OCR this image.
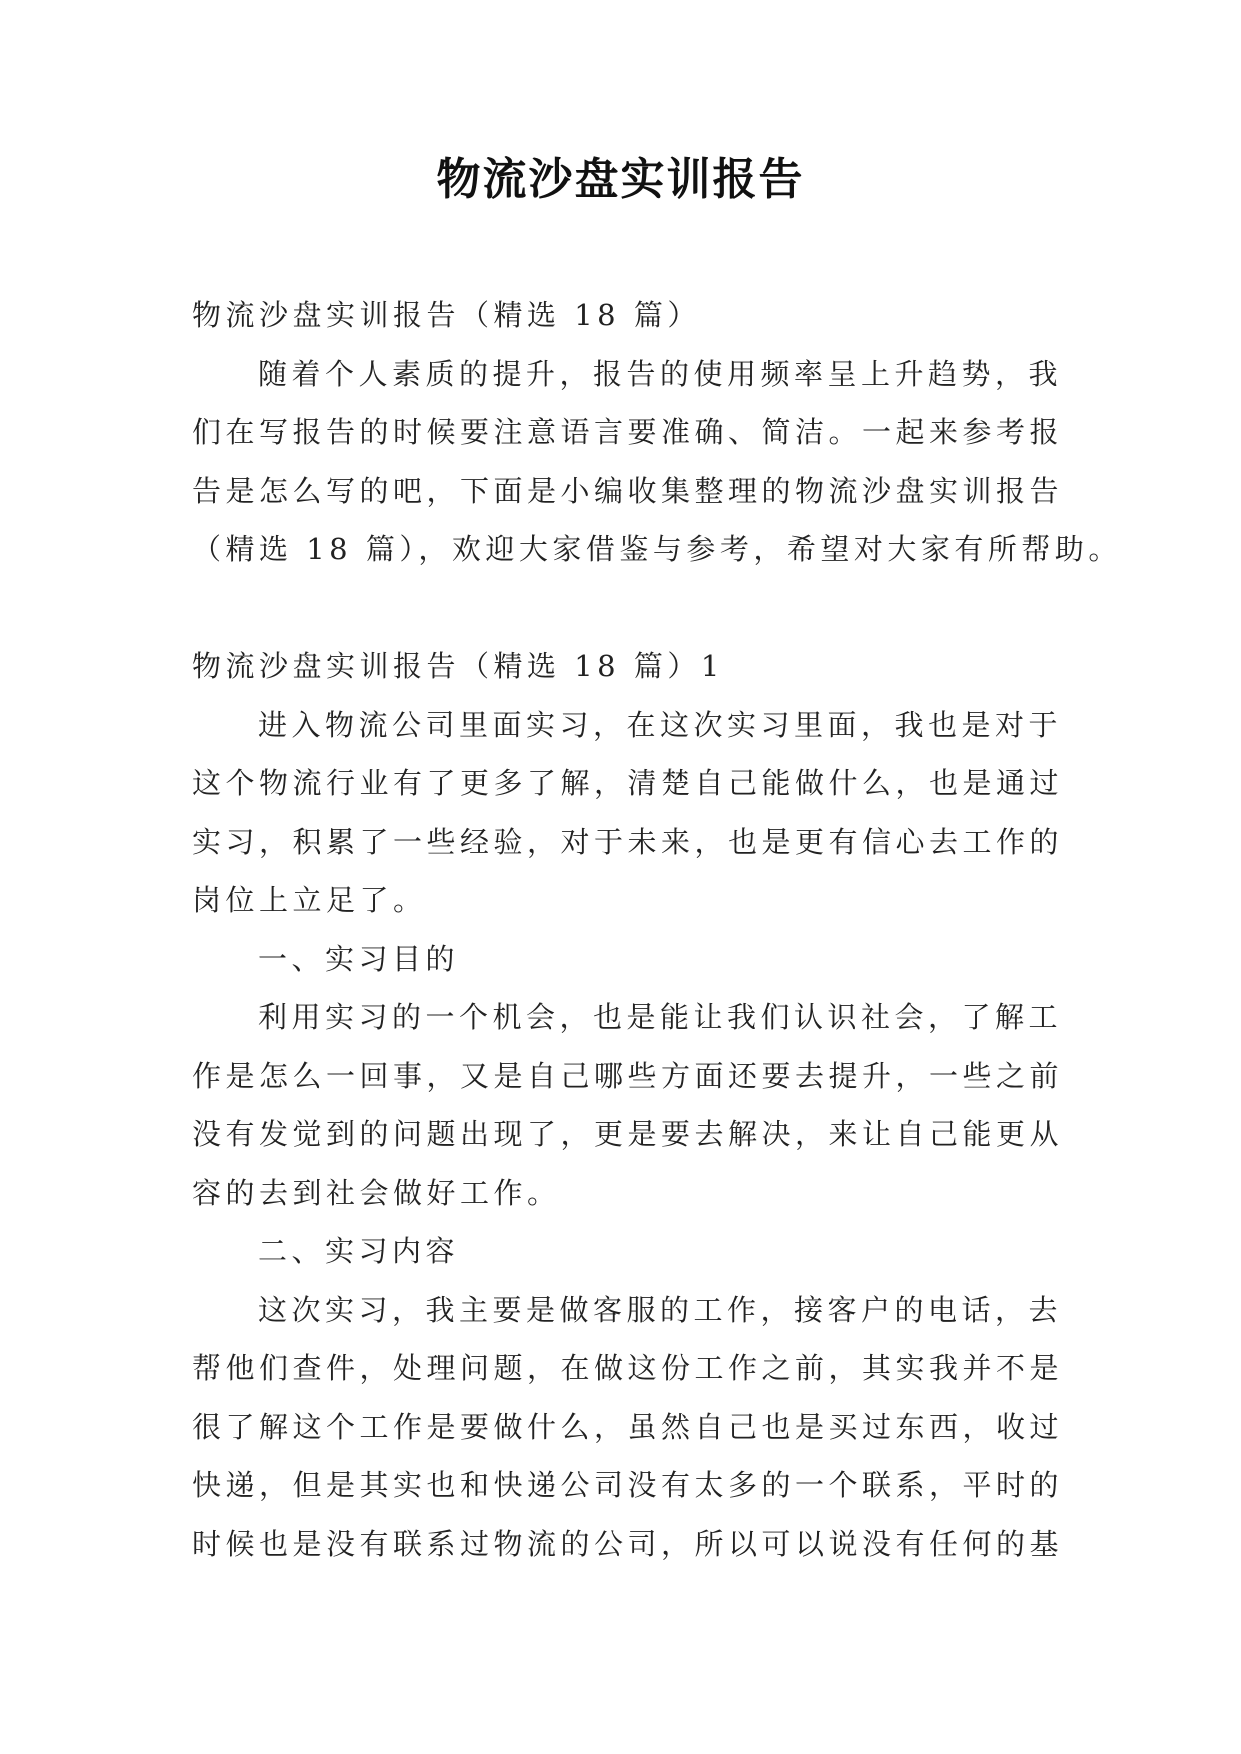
物流沙盘实训报告
物流沙盘实训报告（精选 18 篇）
随着个人素质的提升，报告的使用频率呈上升趋势，我
们在写报告的时候要注意语言要准确、简洁。一起来参考报
告是怎么写的吧，下面是小编收集整理的物流沙盘实训报告
（精选 18 篇），欢迎大家借鉴与参考，希望对大家有所帮助。
物流沙盘实训报告（精选 18 篇）1
进入物流公司里面实习，在这次实习里面，我也是对于
这个物流行业有了更多了解，清楚自己能做什么，也是通过
实习，积累了一些经验，对于未来，也是更有信心去工作的
岗位上立足了。
一、实习目的
利用实习的一个机会，也是能让我们认识社会，了解工
作是怎么一回事，又是自己哪些方面还要去提升，一些之前
没有发觉到的问题出现了，更是要去解决，来让自己能更从
容的去到社会做好工作。
二、实习内容
这次实习，我主要是做客服的工作，接客户的电话，去
帮他们查件，处理问题，在做这份工作之前，其实我并不是
很了解这个工作是要做什么，虽然自己也是买过东西，收过
快递，但是其实也和快递公司没有太多的一个联系，平时的
时候也是没有联系过物流的公司，所以可以说没有任何的基
